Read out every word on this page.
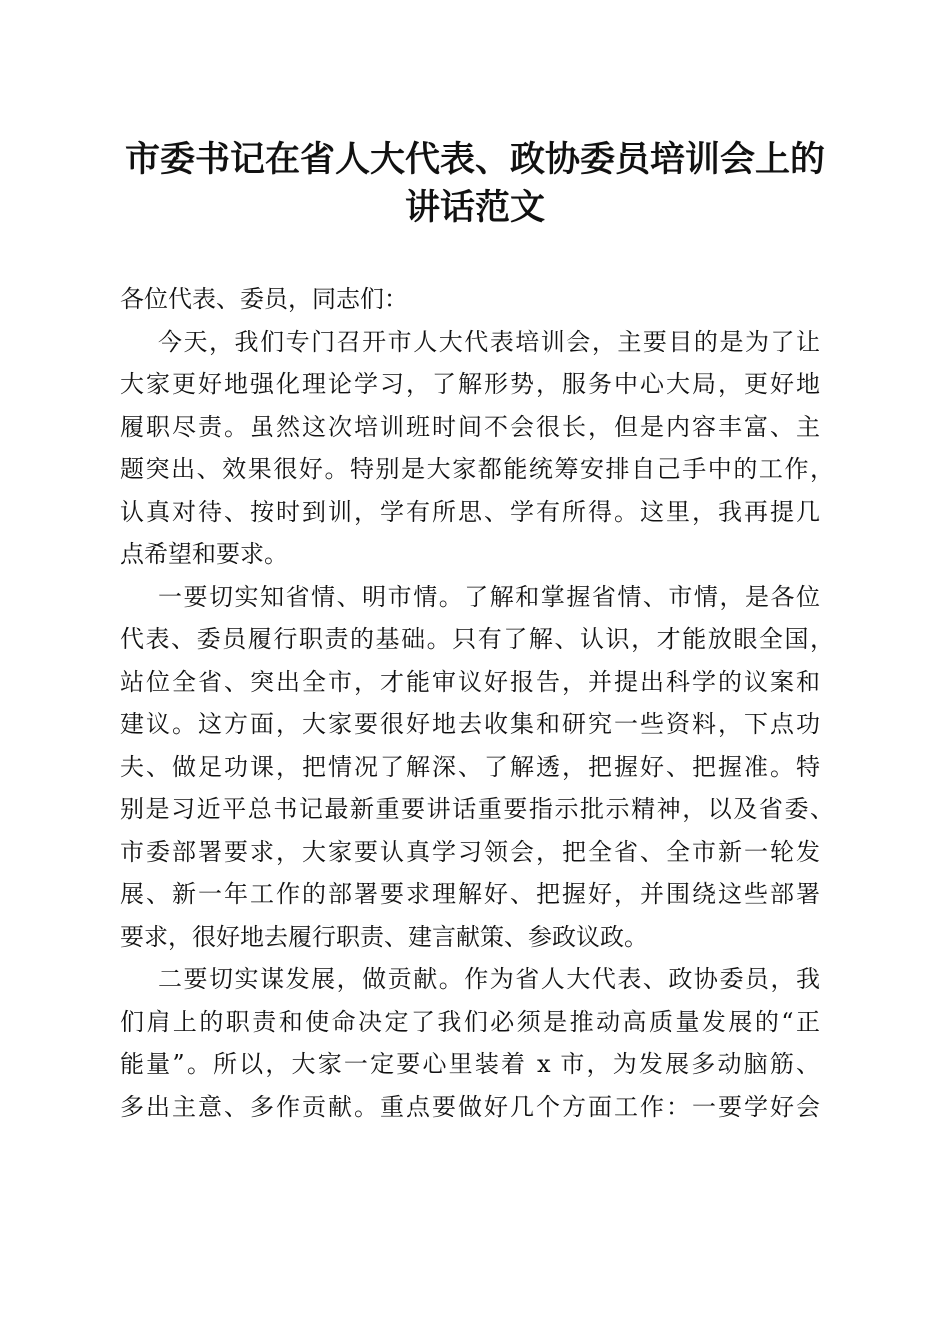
市委书记在省人大代表、政协委员培训会上的
讲话范文
各位代表、委员，同志们：
今天，我们专门召开市人大代表培训会，主要目的是为了让
大家更好地强化理论学习，了解形势，服务中心大局，更好地
履职尽责。虽然这次培训班时间不会很长，但是内容丰富、主
题突出、效果很好。特别是大家都能统筹安排自己手中的工作，
认真对待、按时到训，学有所思、学有所得。这里，我再提几
点希望和要求。
一要切实知省情、明市情。了解和掌握省情、市情，是各位
代表、委员履行职责的基础。只有了解、认识，才能放眼全国，
站位全省、突出全市，才能审议好报告，并提出科学的议案和
建议。这方面，大家要很好地去收集和研究一些资料，下点功
夫、做足功课，把情况了解深、了解透，把握好、把握准。特
别是习近平总书记最新重要讲话重要指示批示精神，以及省委、
市委部署要求，大家要认真学习领会，把全省、全市新一轮发
展、新一年工作的部署要求理解好、把握好，并围绕这些部署
要求，很好地去履行职责、建言献策、参政议政。
二要切实谋发展，做贡献。作为省人大代表、政协委员，我
们肩上的职责和使命决定了我们必须是推动高质量发展的“正
能量”。所以，大家一定要心里装着 x 市，为发展多动脑筋、
多出主意、多作贡献。重点要做好几个方面工作：一要学好会
